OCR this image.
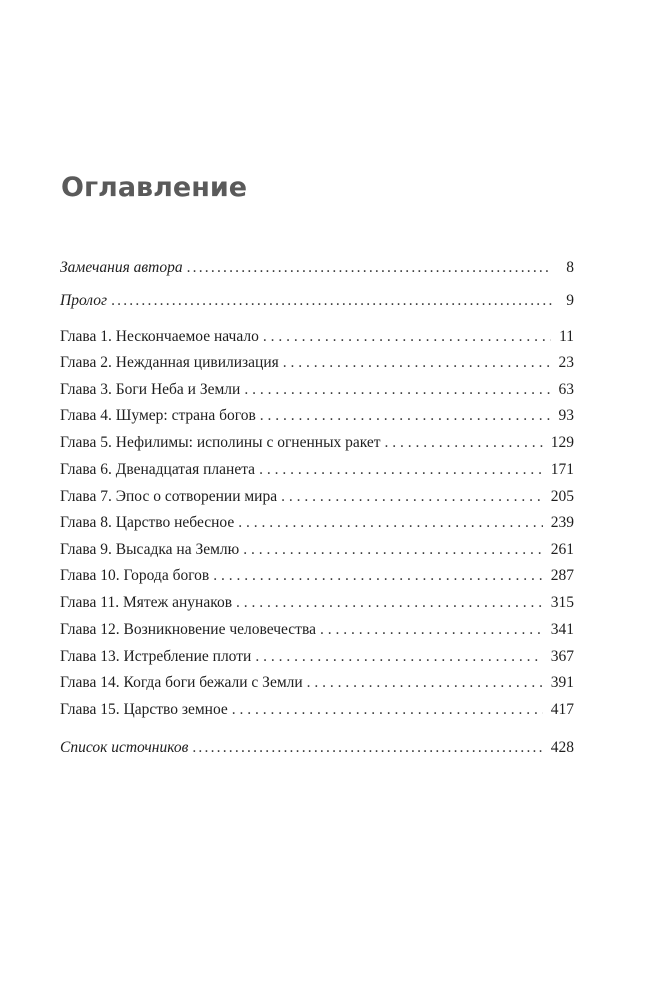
Оглавление
Замечания автора .....	8
Пролог .....	9
Глава 1. Нескончаемое начало . . .	11
Глава 2. Нежданная цивилизация . . .	23
Глава 3. Боги Неба и Земли . . .	63
Глава 4. Шумер: страна богов . . .	93
Глава 5. Нефилимы: исполины с огненных ракет . . .	129
Глава 6. Двенадцатая планета . . .	171
Глава 7. Эпос о сотворении мира . . .	205
Глава 8. Царство небесное . . .	239
Глава 9. Высадка на Землю . . .	261
Глава 10. Города богов . . .	287
Глава 11. Мятеж анунаков . . .	315
Глава 12. Возникновение человечества . . .	341
Глава 13. Истребление плоти . . .	367
Глава 14. Когда боги бежали с Земли . . .	391
Глава 15. Царство земное . . .	417
Список источников .....	428
